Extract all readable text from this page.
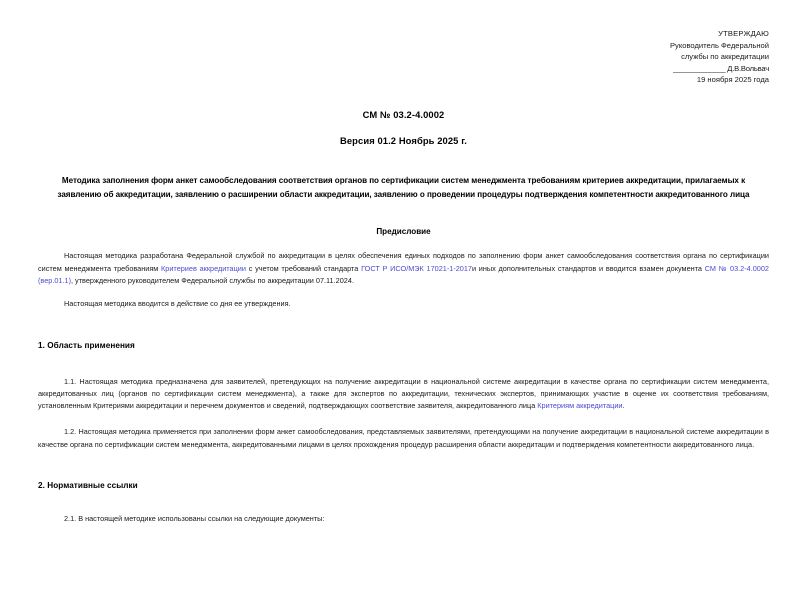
УТВЕРЖДАЮ
Руководитель Федеральной
службы по аккредитации
_____________ Д.В.Вольвач
19 ноября 2025 года
СМ № 03.2-4.0002
Версия 01.2 Ноябрь 2025 г.
Методика заполнения форм анкет самообследования соответствия органов по сертификации систем менеджмента требованиям критериев аккредитации, прилагаемых к заявлению об аккредитации, заявлению о расширении области аккредитации, заявлению о проведении процедуры подтверждения компетентности аккредитованного лица
Предисловие
Настоящая методика разработана Федеральной службой по аккредитации в целях обеспечения единых подходов по заполнению форм анкет самообследования соответствия органа по сертификации систем менеджмента требованиям Критериев аккредитации с учетом требований стандарта ГОСТ Р ИСО/МЭК 17021-1-2017и иных дополнительных стандартов и вводится взамен документа СМ № 03.2-4.0002 (вер.01.1), утвержденного руководителем Федеральной службы по аккредитации 07.11.2024.
Настоящая методика вводится в действие со дня ее утверждения.
1. Область применения
1.1. Настоящая методика предназначена для заявителей, претендующих на получение аккредитации в национальной системе аккредитации в качестве органа по сертификации систем менеджмента, аккредитованных лиц (органов по сертификации систем менеджмента), а также для экспертов по аккредитации, технических экспертов, принимающих участие в оценке их соответствия требованиям, установленным Критериями аккредитации и перечнем документов и сведений, подтверждающих соответствие заявителя, аккредитованного лица Критериям аккредитации.
1.2. Настоящая методика применяется при заполнении форм анкет самообследования, представляемых заявителями, претендующими на получение аккредитации в национальной системе аккредитации в качестве органа по сертификации систем менеджмента, аккредитованными лицами в целях прохождения процедур расширения области аккредитации и подтверждения компетентности аккредитованного лица.
2. Нормативные ссылки
2.1. В настоящей методике использованы ссылки на следующие документы:
